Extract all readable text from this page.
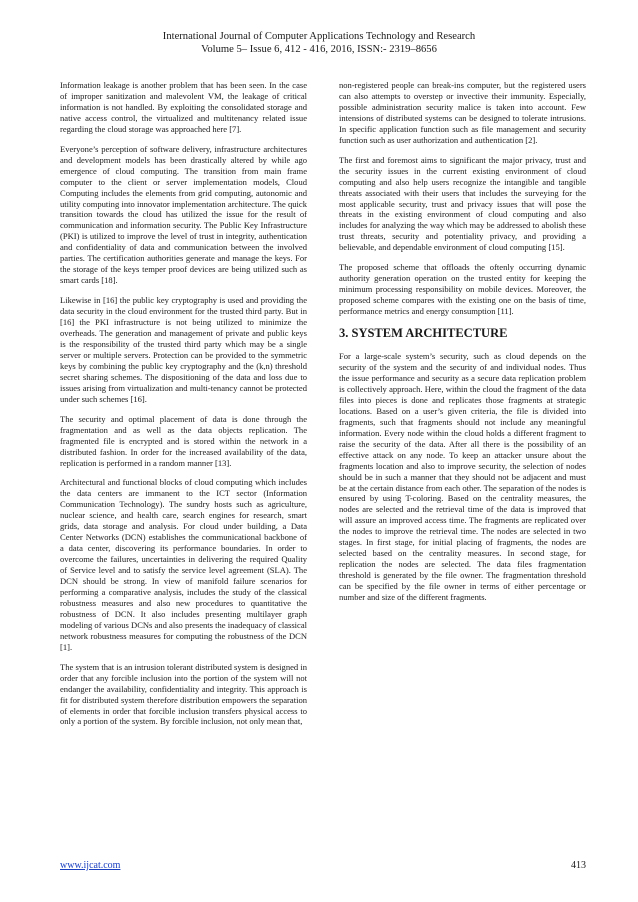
International Journal of Computer Applications Technology and Research
Volume 5– Issue 6, 412 - 416, 2016, ISSN:- 2319–8656

Information leakage is another problem that has been seen. In the case of improper sanitization and malevolent VM, the leakage of critical information is not handled. By exploiting the consolidated storage and native access control, the virtualized and multitenancy related issue regarding the cloud storage was approached here [7].

Everyone’s perception of software delivery, infrastructure architectures and development models has been drastically altered by while ago emergence of cloud computing. The transition from main frame computer to the client or server implementation models, Cloud Computing includes the elements from grid computing, autonomic and utility computing into innovator implementation architecture. The quick transition towards the cloud has utilized the issue for the result of communication and information security. The Public Key Infrastructure (PKI) is utilized to improve the level of trust in integrity, authentication and confidentiality of data and communication between the involved parties. The certification authorities generate and manage the keys. For the storage of the keys temper proof devices are being utilized such as smart cards [18].

Likewise in [16] the public key cryptography is used and providing the data security in the cloud environment for the trusted third party. But in [16] the PKI infrastructure is not being utilized to minimize the overheads. The generation and management of private and public keys is the responsibility of the trusted third party which may be a single server or multiple servers. Protection can be provided to the symmetric keys by combining the public key cryptography and the (k,n) threshold secret sharing schemes. The dispositioning of the data and loss due to issues arising from virtualization and multi-tenancy cannot be protected under such schemes [16].

The security and optimal placement of data is done through the fragmentation and as well as the data objects replication. The fragmented file is encrypted and is stored within the network in a distributed fashion. In order for the increased availability of the data, replication is performed in a random manner [13].

Architectural and functional blocks of cloud computing which includes the data centers are immanent to the ICT sector (Information Communication Technology). The sundry hosts such as agriculture, nuclear science, and health care, search engines for research, smart grids, data storage and analysis. For cloud under building, a Data Center Networks (DCN) establishes the communicational backbone of a data center, discovering its performance boundaries. In order to overcome the failures, uncertainties in delivering the required Quality of Service level and to satisfy the service level agreement (SLA). The DCN should be strong. In view of manifold failure scenarios for performing a comparative analysis, includes the study of the classical robustness measures and also new procedures to quantitative the robustness of DCN. It also includes presenting multilayer graph modeling of various DCNs and also presents the inadequacy of classical network robustness measures for computing the robustness of the DCN [1].

The system that is an intrusion tolerant distributed system is designed in order that any forcible inclusion into the portion of the system will not endanger the availability, confidentiality and integrity. This approach is fit for distributed system therefore distribution empowers the separation of elements in order that forcible inclusion transfers physical access to only a portion of the system. By forcible inclusion, not only mean that,

non-registered people can break-ins computer, but the registered users can also attempts to overstep or invective their immunity. Especially, possible administration security malice is taken into account. Few intensions of distributed systems can be designed to tolerate intrusions. In specific application function such as file management and security function such as user authorization and authentication [2].

The first and foremost aims to significant the major privacy, trust and the security issues in the current existing environment of cloud computing and also help users recognize the intangible and tangible threats associated with their users that includes the surveying for the most applicable security, trust and privacy issues that will pose the threats in the existing environment of cloud computing and also includes for analyzing the way which may be addressed to abolish these trust threats, security and potentiality privacy, and providing a believable, and dependable environment of cloud computing [15].

The proposed scheme that offloads the oftenly occurring dynamic authority generation operation on the trusted entity for keeping the minimum processing responsibility on mobile devices. Moreover, the proposed scheme compares with the existing one on the basis of time, performance metrics and energy consumption [11].

3. SYSTEM ARCHITECTURE

For a large-scale system’s security, such as cloud depends on the security of the system and the security of and individual nodes. Thus the issue performance and security as a secure data replication problem is collectively approach. Here, within the cloud the fragment of the data files into pieces is done and replicates those fragments at strategic locations. Based on a user’s given criteria, the file is divided into fragments, such that fragments should not include any meaningful information. Every node within the cloud holds a different fragment to raise the security of the data. After all there is the possibility of an effective attack on any node. To keep an attacker unsure about the fragments location and also to improve security, the selection of nodes should be in such a manner that they should not be adjacent and must be at the certain distance from each other. The separation of the nodes is ensured by using T-coloring. Based on the centrality measures, the nodes are selected and the retrieval time of the data is improved that will assure an improved access time. The fragments are replicated over the nodes to improve the retrieval time. The nodes are selected in two stages. In first stage, for initial placing of fragments, the nodes are selected based on the centrality measures. In second stage, for replication the nodes are selected. The data files fragmentation threshold is generated by the file owner. The fragmentation threshold can be specified by the file owner in terms of either percentage or number and size of the different fragments.

www.ijcat.com	413
